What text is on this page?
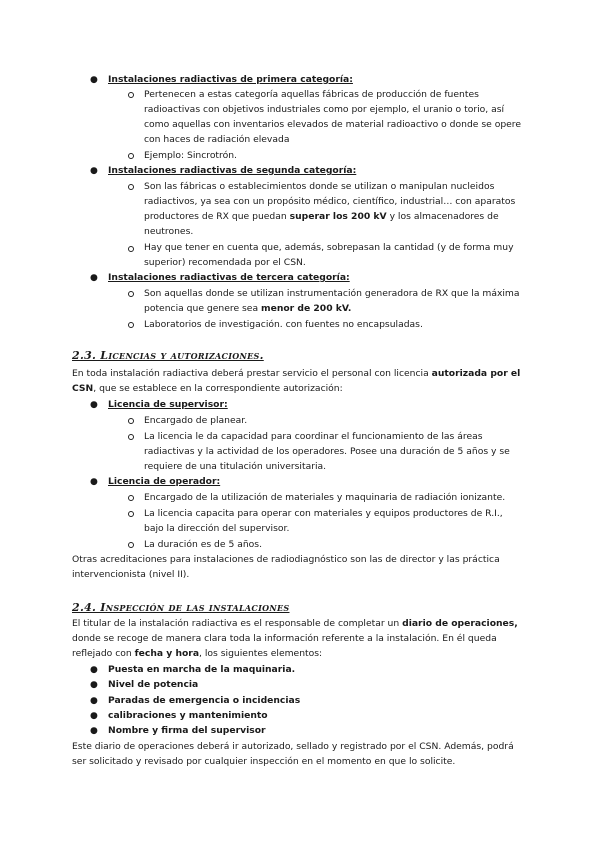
● Instalaciones radiactivas de primera categoría:
Pertenecen a estas categoría aquellas fábricas de producción de fuentes
radioactivas con objetivos industriales como por ejemplo, el uranio o torio, así
como aquellas con inventarios elevados de material radioactivo o donde se opere
con haces de radiación elevada
Ejemplo: Sincrotrón.
● Instalaciones radiactivas de segunda categoría:
Son las fábricas o establecimientos donde se utilizan o manipulan nucleidos
radiactivos, ya sea con un propósito médico, científico, industrial… con aparatos
productores de RX que puedan superar los 200 kV y los almacenadores de
neutrones.
Hay que tener en cuenta que, además, sobrepasan la cantidad (y de forma muy
superior) recomendada por el CSN.
● Instalaciones radiactivas de tercera categoría:
Son aquellas donde se utilizan instrumentación generadora de RX que la máxima
potencia que genere sea menor de 200 kV.
Laboratorios de investigación. con fuentes no encapsuladas.
2.3. Licencias y autorizaciones.
En toda instalación radiactiva deberá prestar servicio el personal con licencia autorizada por el
CSN, que se establece en la correspondiente autorización:
● Licencia de supervisor:
Encargado de planear.
La licencia le da capacidad para coordinar el funcionamiento de las áreas
radiactivas y la actividad de los operadores. Posee una duración de 5 años y se
requiere de una titulación universitaria.
● Licencia de operador:
Encargado de la utilización de materiales y maquinaria de radiación ionizante.
La licencia capacita para operar con materiales y equipos productores de R.I.,
bajo la dirección del supervisor.
La duración es de 5 años.
Otras acreditaciones para instalaciones de radiodiagnóstico son las de director y las práctica
intervencionista (nivel II).
2.4. Inspección de las instalaciones
El titular de la instalación radiactiva es el responsable de completar un diario de operaciones,
donde se recoge de manera clara toda la información referente a la instalación. En él queda
reflejado con fecha y hora, los siguientes elementos:
● Puesta en marcha de la maquinaria.
● Nivel de potencia
● Paradas de emergencia o incidencias
● calibraciones y mantenimiento
● Nombre y firma del supervisor
Este diario de operaciones deberá ir autorizado, sellado y registrado por el CSN. Además, podrá
ser solicitado y revisado por cualquier inspección en el momento en que lo solicite.
